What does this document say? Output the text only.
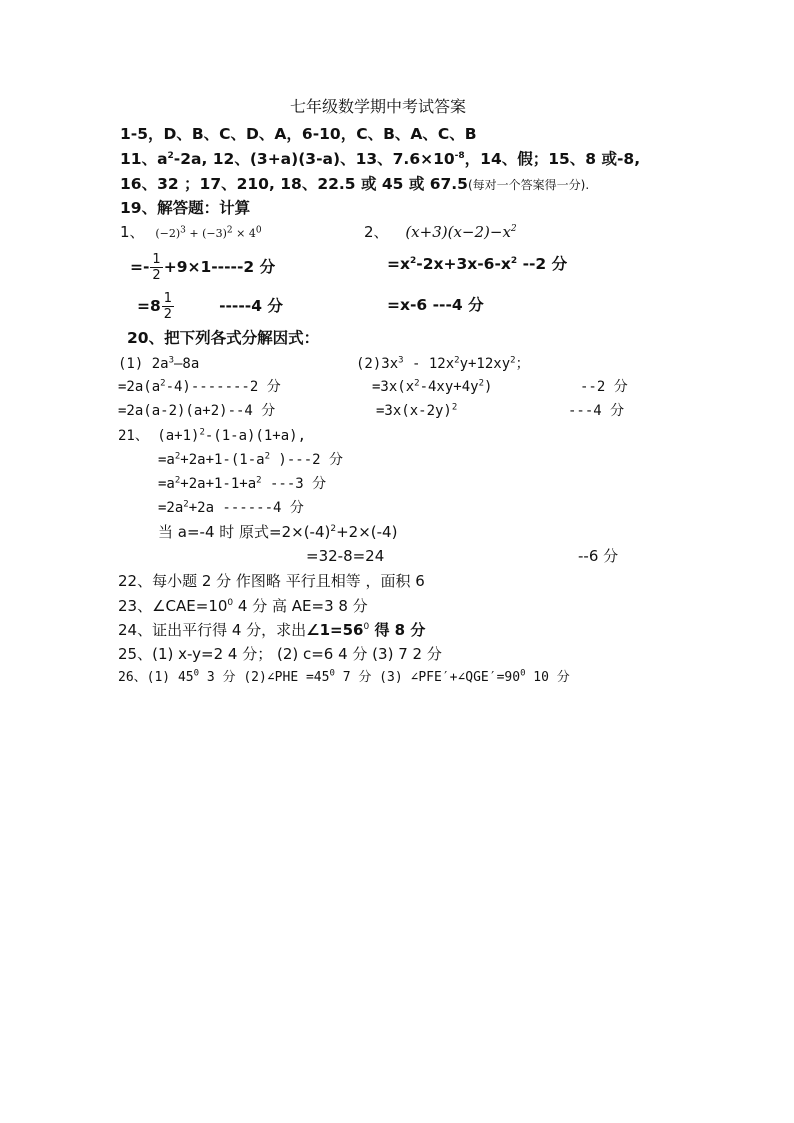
七年级数学期中考试答案
1-5，D、B、C、D、A，6-10，C、B、A、C、B
11、$a^2-2a$, 12、(3+a)(3-a)、13、$7.6\times 10^{-8}$，14、假；15、8 或-8,
16、32 ；17、210, 18、22.5 或 45 或 67.5(每对一个答案得一分).
19、解答题：计算
1、 $(-2)^3 + (-3)^2 \times 4^0$	2、 $(x+3)(x-2)-x^2$
=- $\frac{1}{2} +9\times 1-----2$ 分	$=x^2-2x+3x-6-x^2$ --2 分
$=8 \frac{1}{2}$	-----4 分	=x-6 ---4 分
20、把下列各式分解因式：
(1) $2a^3—8a$	$(2)3x^3 - 12x^2y+12xy^2$；
$=2a(a^2-4)-------2$ 分	$=3x(x^2-4xy+4y^2)$	--2 分
=2a(a-2)(a+2)--4 分	$=3x(x-2y)^2$	---4 分
21、 $(a+1)^2-(1-a)(1+a)$,
$=a^2+2a+1-(1-a^2$ )---2 分
$=a^2+2a+1-1+a^2$ ---3 分
$=2a^2+2a$ ------4 分
当 a=-4 时 原式$=2\times(-4)^2+2\times(-4)$
=32-8=24	--6 分
22、每小题 2 分 作图略 平行且相等 ，面积 6
23、$\angle CAE=10^0$ 4 分 高 AE=3 8 分
24、证出平行得 4 分，求出$\angle 1=56^0$ 得 8 分
25、(1) x-y=2 4 分； (2) c=6 4 分 (3) 7 2 分
26、(1) $45^0$ 3 分 (2)∠PHE $=45^0$ 7 分 (3) $\angle PFE'+\angle QGE'=90^0$ 10 分
